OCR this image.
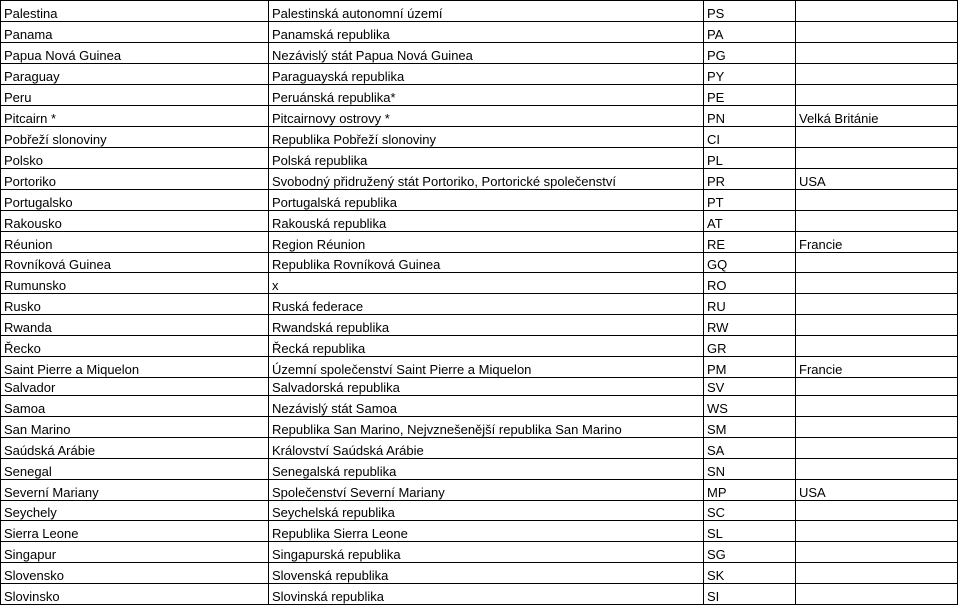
Palestina	Palestinská autonomní území	PS	
Panama	Panamská republika	PA	
Papua Nová Guinea	Nezávislý stát Papua Nová Guinea	PG	
Paraguay	Paraguayská republika	PY	
Peru	Peruánská republika*	PE	
Pitcairn *	Pitcairnovy ostrovy *	PN	Velká Británie
Pobřeží slonoviny	Republika Pobřeží slonoviny	CI	
Polsko	Polská republika	PL	
Portoriko	Svobodný přidružený stát Portoriko, Portorické společenství	PR	USA
Portugalsko	Portugalská republika	PT	
Rakousko	Rakouská republika	AT	
Réunion	Region Réunion	RE	Francie
Rovníková Guinea	Republika Rovníková Guinea	GQ	
Rumunsko	x	RO	
Rusko	Ruská federace	RU	
Rwanda	Rwandská republika	RW	
Řecko	Řecká republika	GR	
Saint Pierre a Miquelon	Územní společenství Saint Pierre a Miquelon	PM	Francie
Salvador	Salvadorská republika	SV	
Samoa	Nezávislý stát Samoa	WS	
San Marino	Republika San Marino, Nejvznešenější republika San Marino	SM	
Saúdská Arábie	Království Saúdská Arábie	SA	
Senegal	Senegalská republika	SN	
Severní Mariany	Společenství Severní Mariany	MP	USA
Seychely	Seychelská republika	SC	
Sierra Leone	Republika Sierra Leone	SL	
Singapur	Singapurská republika	SG	
Slovensko	Slovenská republika	SK	
Slovinsko	Slovinská republika	SI	
